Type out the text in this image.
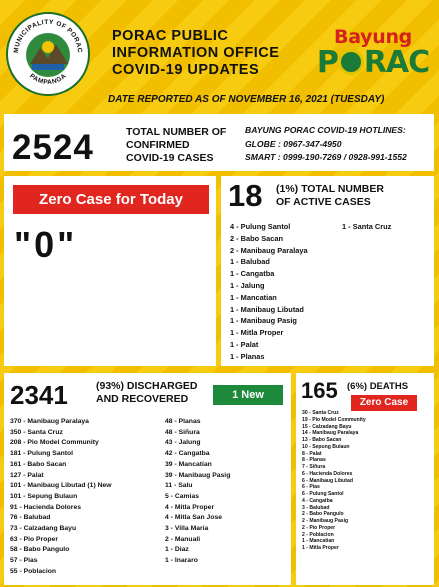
MUNICIPALITY OF PORAC
PAMPANGA
PORAC PUBLIC
INFORMATION OFFICE
COVID-19 UPDATES
Bayung
P RAC
DATE REPORTED AS OF NOVEMBER 16, 2021 (TUESDAY)
2524	TOTAL NUMBER OF
CONFIRMED
COVID-19 CASES
BAYUNG PORAC COVID-19 HOTLINES:
GLOBE : 0967-347-4950
SMART : 0999-190-7269 / 0928-991-1552
Zero Case for Today
"0"
18 (1%) TOTAL NUMBER
OF ACTIVE CASES
4 - Pulung Santol
2 - Babo Sacan
2 - Manibaug Paralaya
1 - Balubad
1 - Cangatba
1 - Jalung
1 - Mancatian
1 - Manibaug Libutad
1 - Manibaug Pasig
1 - Mitla Proper
1 - Palat
1 - Planas
1 - Santa Cruz
2341	(93%) DISCHARGED
AND RECOVERED	1 New
370 - Manibaug Paralaya
350 - Santa Cruz
208 - Pio Model Community
181 - Pulung Santol
161 - Babo Sacan
127 - Palat
101 - Manibaug Libutad (1) New
101 - Sepung Bulaun
91 - Hacienda Dolores
76 - Balubad
73 - Calzadang Bayu
63 - Pio Proper
58 - Babo Pangulo
57 - Pias
55 - Poblacion
48 - Planas
48 - Siñura
43 - Jalung
42 - Cangatba
39 - Mancatian
39 - Manibaug Pasig
11 - Salu
5 - Camias
4 - Mitla Proper
4 - Mitla San Jose
3 - Villa Maria
2 - Manuali
1 - Diaz
1 - Inararo
165 (6%) DEATHS
Zero Case
30 - Santa Cruz
19 - Pio Model Community
15 - Calzadang Bayu
14 - Manibaug Paralaya
13 - Babo Sacan
10 - Sepung Bulaun
8 - Palat
8 - Planas
7 - Siñura
6 - Hacienda Dolores
6 - Manibaug Libutad
6 - Pias
6 - Pulung Santol
4 - Cangatba
3 - Balubad
2 - Babo Pangulo
2 - Manibaug Pasig
2 - Pio Proper
2 - Poblacion
1 - Mancatian
1 - Mitla Proper
